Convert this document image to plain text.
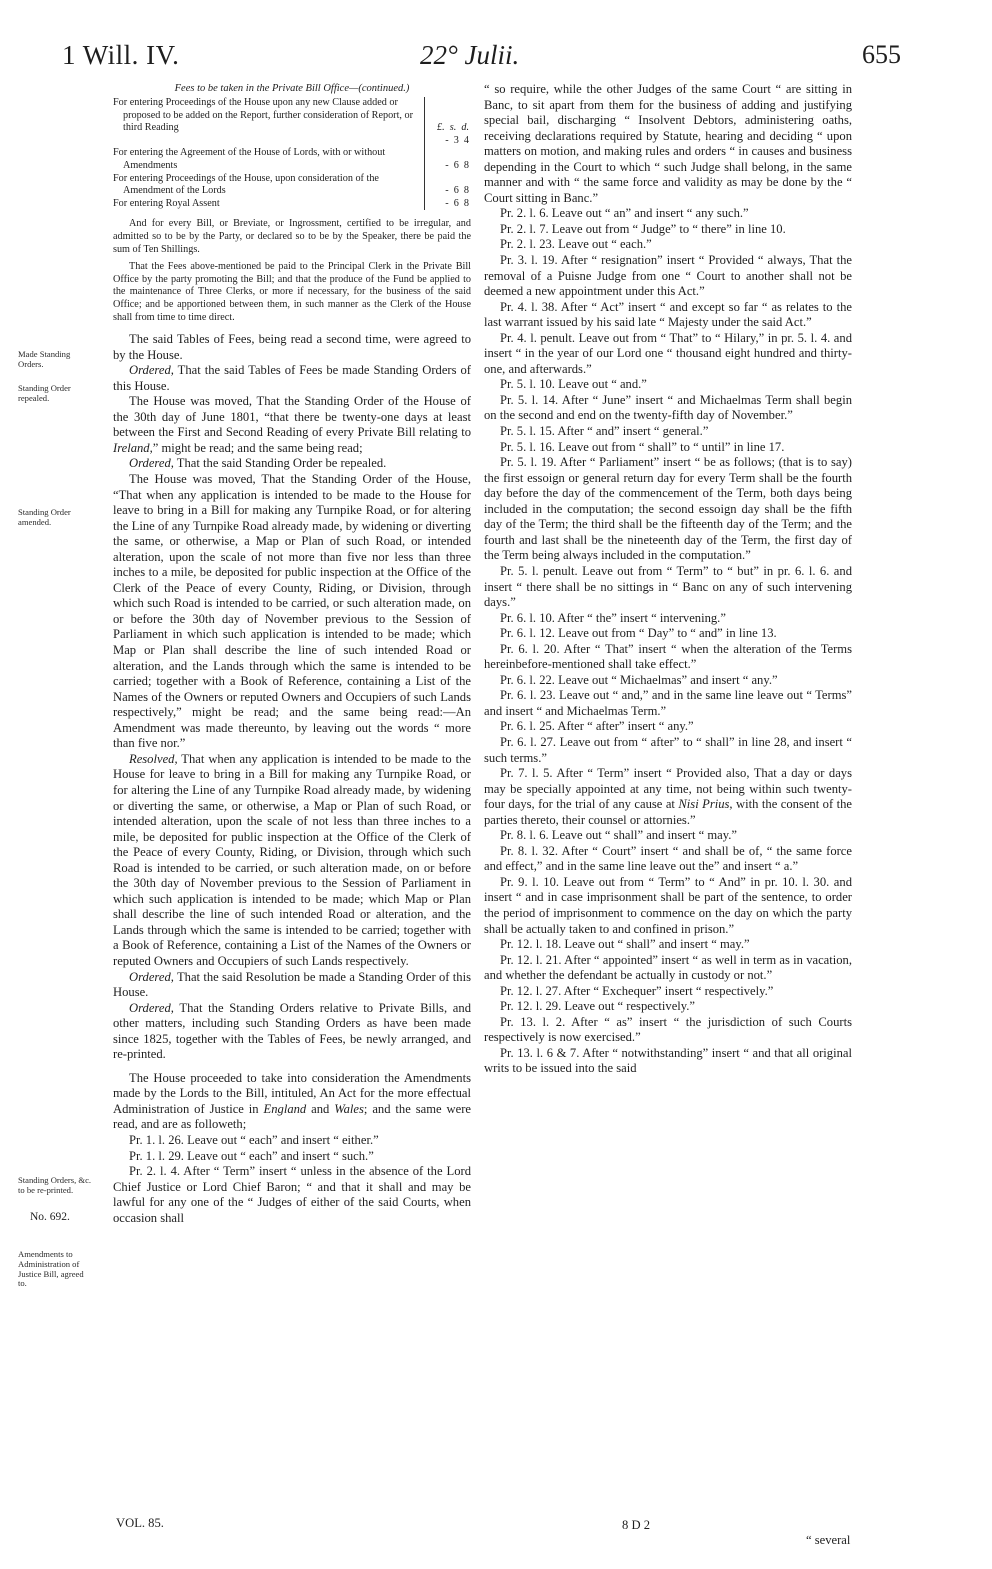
1 Will. IV.	22° Julii.	655
Made Standing Orders.
Standing Order repealed.
Standing Order amended.
Standing Orders, &c. to be re-printed.
No. 692.
Amendments to Administration of Justice Bill, agreed to.
Fees to be taken in the Private Bill Office—(continued.)
For entering Proceedings of the House upon any new Clause added or proposed to be added on the Report, further consideration of Report, or third Reading	£.  s.  d.
	-  3  4
For entering the Agreement of the House of Lords, with or without Amendments	-  6  8
For entering Proceedings of the House, upon consideration of the Amendment of the Lords	-  6  8
For entering Royal Assent	-  6  8

And for every Bill, or Breviate, or Ingrossment, certified to be irregular, and admitted so to be by the Party, or declared so to be by the Speaker, there be paid the sum of Ten Shillings.

That the Fees above-mentioned be paid to the Principal Clerk in the Private Bill Office by the party promoting the Bill; and that the produce of the Fund be applied to the maintenance of Three Clerks, or more if necessary, for the business of the said Office; and be apportioned between them, in such manner as the Clerk of the House shall from time to time direct.

The said Tables of Fees, being read a second time, were agreed to by the House.

Ordered, That the said Tables of Fees be made Standing Orders of this House.

The House was moved, That the Standing Order of the House of the 30th day of June 1801, “that there be twenty-one days at least between the First and Second Reading of every Private Bill relating to Ireland,” might be read; and the same being read;

Ordered, That the said Standing Order be repealed.

The House was moved, That the Standing Order of the House, “That when any application is intended to be made to the House for leave to bring in a Bill for making any Turnpike Road, or for altering the Line of any Turnpike Road already made, by widening or diverting the same, or otherwise, a Map or Plan of such Road, or intended alteration, upon the scale of not more than five nor less than three inches to a mile, be deposited for public inspection at the Office of the Clerk of the Peace of every County, Riding, or Division, through which such Road is intended to be carried, or such alteration made, on or before the 30th day of November previous to the Session of Parliament in which such application is intended to be made; which Map or Plan shall describe the line of such intended Road or alteration, and the Lands through which the same is intended to be carried; together with a Book of Reference, containing a List of the Names of the Owners or reputed Owners and Occupiers of such Lands respectively,” might be read; and the same being read:—An Amendment was made thereunto, by leaving out the words “ more than five nor.”

Resolved, That when any application is intended to be made to the House for leave to bring in a Bill for making any Turnpike Road, or for altering the Line of any Turnpike Road already made, by widening or diverting the same, or otherwise, a Map or Plan of such Road, or intended alteration, upon the scale of not less than three inches to a mile, be deposited for public inspection at the Office of the Clerk of the Peace of every County, Riding, or Division, through which such Road is intended to be carried, or such alteration made, on or before the 30th day of November previous to the Session of Parliament in which such application is intended to be made; which Map or Plan shall describe the line of such intended Road or alteration, and the Lands through which the same is intended to be carried; together with a Book of Reference, containing a List of the Names of the Owners or reputed Owners and Occupiers of such Lands respectively.

Ordered, That the said Resolution be made a Standing Order of this House.

Ordered, That the Standing Orders relative to Private Bills, and other matters, including such Standing Orders as have been made since 1825, together with the Tables of Fees, be newly arranged, and re-printed.

The House proceeded to take into consideration the Amendments made by the Lords to the Bill, intituled, An Act for the more effectual Administration of Justice in England and Wales; and the same were read, and are as followeth;

Pr. 1. l. 26. Leave out “ each” and insert “ either.”

Pr. 1. l. 29. Leave out “ each” and insert “ such.”

Pr. 2. l. 4. After “ Term” insert “ unless in the absence of the Lord Chief Justice or Lord Chief Baron; “ and that it shall and may be lawful for any one of the “ Judges of either of the said Courts, when occasion shall

“ so require, while the other Judges of the same Court “ are sitting in Banc, to sit apart from them for the business of adding and justifying special bail, discharging “ Insolvent Debtors, administering oaths, receiving declarations required by Statute, hearing and deciding “ upon matters on motion, and making rules and orders “ in causes and business depending in the Court to which “ such Judge shall belong, in the same manner and with “ the same force and validity as may be done by the “ Court sitting in Banc.”

Pr. 2. l. 6. Leave out “ an” and insert “ any such.”

Pr. 2. l. 7. Leave out from “ Judge” to “ there” in line 10.

Pr. 2. l. 23. Leave out “ each.”

Pr. 3. l. 19. After “ resignation” insert “ Provided “ always, That the removal of a Puisne Judge from one “ Court to another shall not be deemed a new appointment under this Act.”

Pr. 4. l. 38. After “ Act” insert “ and except so far “ as relates to the last warrant issued by his said late “ Majesty under the said Act.”

Pr. 4. l. penult. Leave out from “ That” to “ Hilary,” in pr. 5. l. 4. and insert “ in the year of our Lord one “ thousand eight hundred and thirty-one, and afterwards.”

Pr. 5. l. 10. Leave out “ and.”

Pr. 5. l. 14. After “ June” insert “ and Michaelmas Term shall begin on the second and end on the twenty-fifth day of November.”

Pr. 5. l. 15. After “ and” insert “ general.”

Pr. 5. l. 16. Leave out from “ shall” to “ until” in line 17.

Pr. 5. l. 19. After “ Parliament” insert “ be as follows; (that is to say) the first essoign or general return day for every Term shall be the fourth day before the day of the commencement of the Term, both days being included in the computation; the second essoign day shall be the fifth day of the Term; the third shall be the fifteenth day of the Term; and the fourth and last shall be the nineteenth day of the Term, the first day of the Term being always included in the computation.”

Pr. 5. l. penult. Leave out from “ Term” to “ but” in pr. 6. l. 6. and insert “ there shall be no sittings in “ Banc on any of such intervening days.”

Pr. 6. l. 10. After “ the” insert “ intervening.”

Pr. 6. l. 12. Leave out from “ Day” to “ and” in line 13.

Pr. 6. l. 20. After “ That” insert “ when the alteration of the Terms hereinbefore-mentioned shall take effect.”

Pr. 6. l. 22. Leave out “ Michaelmas” and insert “ any.”

Pr. 6. l. 23. Leave out “ and,” and in the same line leave out “ Terms” and insert “ and Michaelmas Term.”

Pr. 6. l. 25. After “ after” insert “ any.”

Pr. 6. l. 27. Leave out from “ after” to “ shall” in line 28, and insert “ such terms.”

Pr. 7. l. 5. After “ Term” insert “ Provided also, That a day or days may be specially appointed at any time, not being within such twenty-four days, for the trial of any cause at Nisi Prius, with the consent of the parties thereto, their counsel or attornies.”

Pr. 8. l. 6. Leave out “ shall” and insert “ may.”

Pr. 8. l. 32. After “ Court” insert “ and shall be of, “ the same force and effect,” and in the same line leave out the” and insert “ a.”

Pr. 9. l. 10. Leave out from “ Term” to “ And” in pr. 10. l. 30. and insert “ and in case imprisonment shall be part of the sentence, to order the period of imprisonment to commence on the day on which the party shall be actually taken to and confined in prison.”

Pr. 12. l. 18. Leave out “ shall” and insert “ may.”

Pr. 12. l. 21. After “ appointed” insert “ as well in term as in vacation, and whether the defendant be actually in custody or not.”

Pr. 12. l. 27. After “ Exchequer” insert “ respectively.”

Pr. 12. l. 29. Leave out “ respectively.”

Pr. 13. l. 2. After “ as” insert “ the jurisdiction of such Courts respectively is now exercised.”

Pr. 13. l. 6 & 7. After “ notwithstanding” insert “ and that all original writs to be issued into the said

VOL. 85.	8 D 2
“ several
